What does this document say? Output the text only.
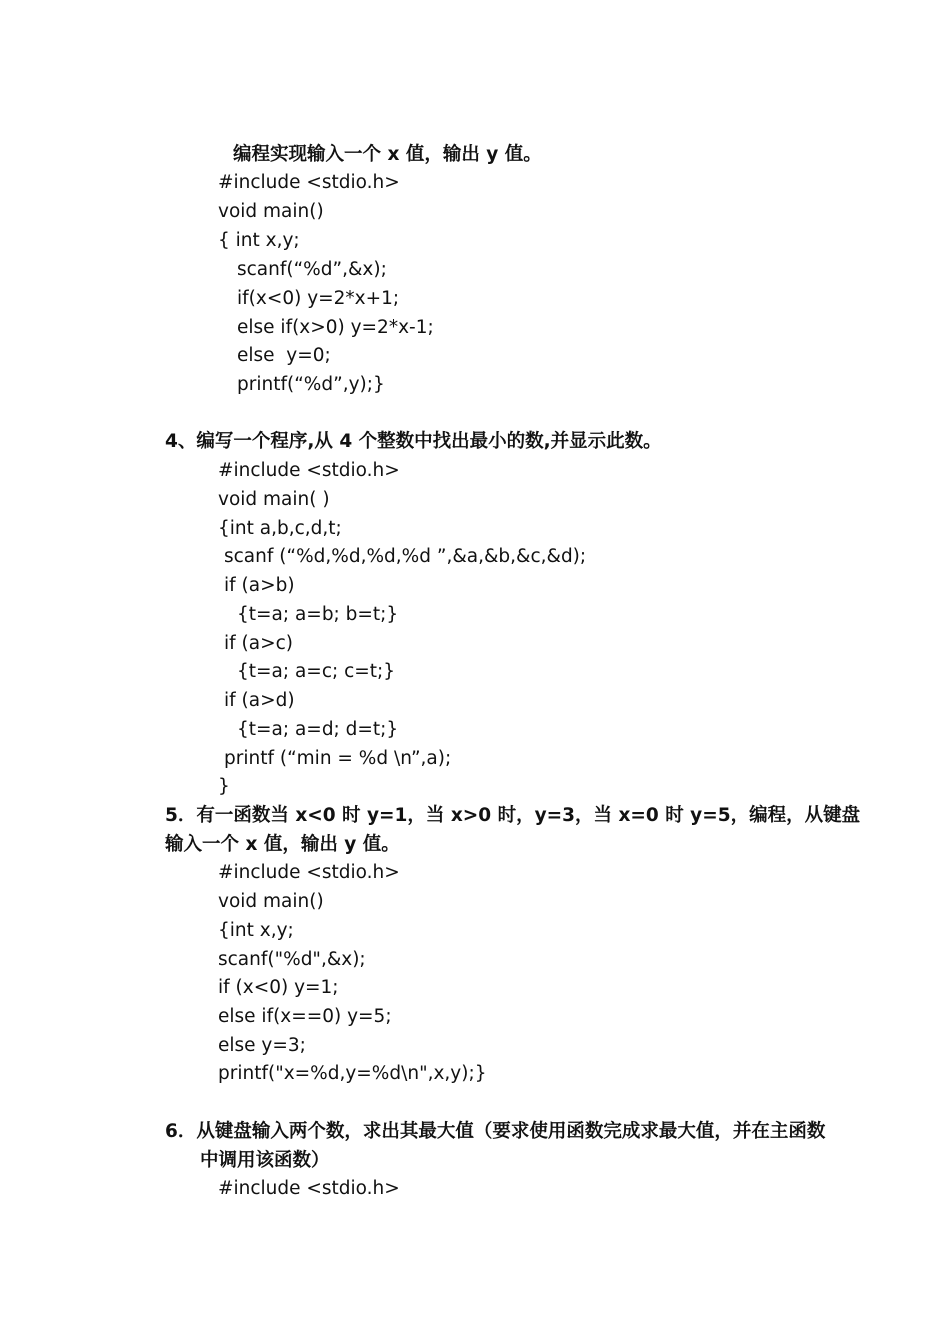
编程实现输入一个 x 值，输出 y 值。
#include <stdio.h>
void main()
{ int x,y;
scanf(“%d”,&x);
if(x<0) y=2*x+1;
else if(x>0) y=2*x-1;
else  y=0;
printf(“%d”,y);}
4、编写一个程序,从 4 个整数中找出最小的数,并显示此数。
#include <stdio.h>
void main( )
{int a,b,c,d,t;
scanf (“%d,%d,%d,%d ”,&a,&b,&c,&d);
if (a>b)
{t=a; a=b; b=t;}
if (a>c)
{t=a; a=c; c=t;}
if (a>d)
{t=a; a=d; d=t;}
printf (“min = %d \n”,a);
}
5．有一函数当 x<0 时 y=1，当 x>0 时，y=3，当 x=0 时 y=5，编程，从键盘
输入一个 x 值，输出 y 值。
#include <stdio.h>
void main()
{int x,y;
scanf("%d",&x);
if (x<0) y=1;
else if(x==0) y=5;
else y=3;
printf("x=%d,y=%d\n",x,y);}
6．从键盘输入两个数，求出其最大值（要求使用函数完成求最大值，并在主函数
中调用该函数）
#include <stdio.h>
